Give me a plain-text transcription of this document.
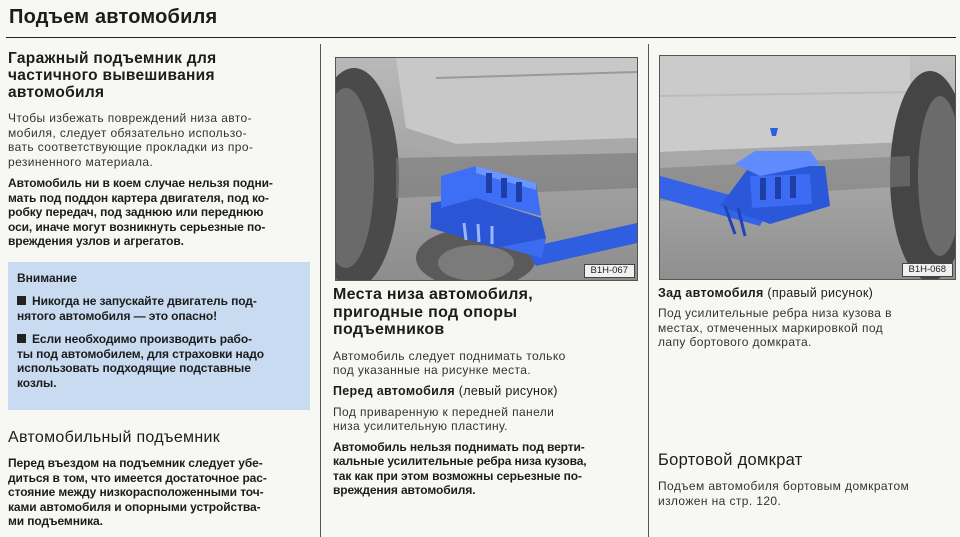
Подъем автомобиля
Гаражный подъемник для
частичного вывешивания
автомобиля

Чтобы избежать повреждений низа авто-
мобиля, следует обязательно использо-
вать соответствующие прокладки из про-
резиненного материала.

Автомобиль ни в коем случае нельзя подни-
мать под поддон картера двигателя, под ко-
робку передач, под заднюю или переднюю
оси, иначе могут возникнуть серьезные по-
вреждения узлов и агрегатов.

Внимание
Никогда не запускайте двигатель под-
нятого автомобиля — это опасно!
Если необходимо производить рабо-
ты под автомобилем, для страховки надо
использовать подходящие подставные
козлы.
Автомобильный подъемник

Перед въездом на подъемник следует убе-
диться в том, что имеется достаточное рас-
стояние между низкорасположенными точ-
ками автомобиля и опорными устройства-
ми подъемника.

B1H-067	B1H-068
Места низа автомобиля,
пригодные под опоры
подъемников

Автомобиль следует поднимать только
под указанные на рисунке места.

Перед автомобиля (левый рисунок)

Под приваренную к передней панели
низа усилительную пластину.

Автомобиль нельзя поднимать под верти-
кальные усилительные ребра низа кузова,
так как при этом возможны серьезные по-
вреждения автомобиля.

Зад автомобиля (правый рисунок)

Под усилительные ребра низа кузова в
местах, отмеченных маркировкой под
лапу бортового домкрата.

Бортовой домкрат

Подъем автомобиля бортовым домкратом
изложен на стр. 120.
